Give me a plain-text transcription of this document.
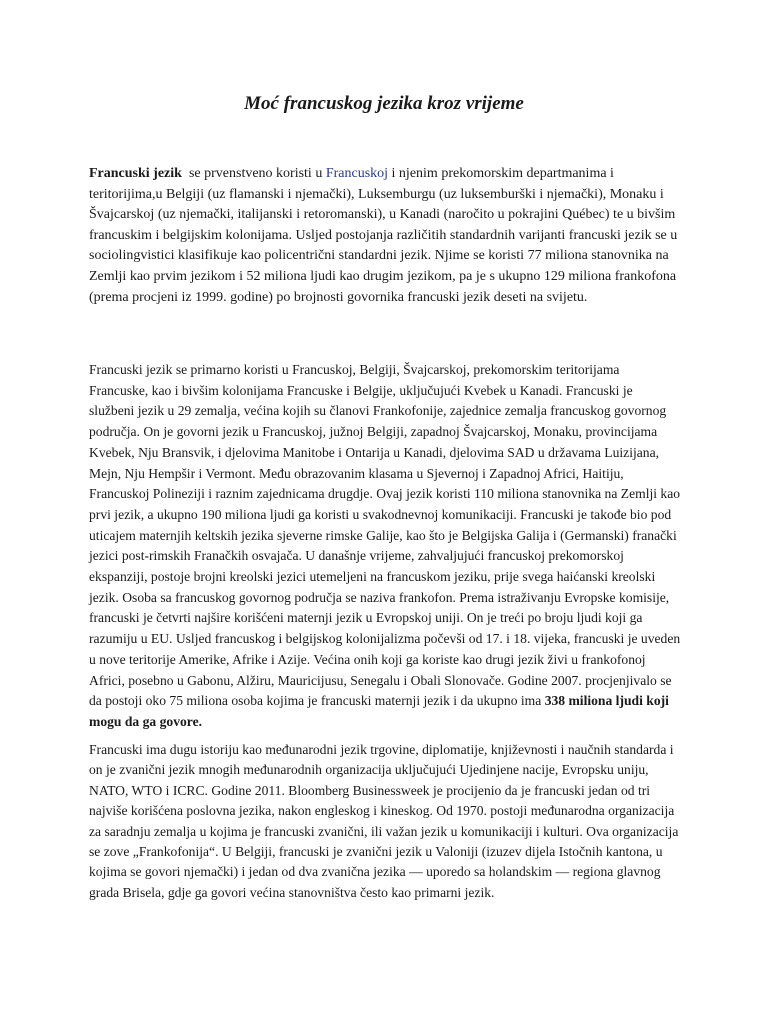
Moć francuskog jezika kroz vrijeme

Francuski jezik  se prvenstveno koristi u Francuskoj i njenim prekomorskim departmanima i teritorijima,u Belgiji (uz flamanski i njemački), Luksemburgu (uz luksemburški i njemački), Monaku i Švajcarskoj (uz njemački, italijanski i retoromanski), u Kanadi (naročito u pokrajini Québec) te u bivšim francuskim i belgijskim kolonijama. Usljed postojanja različitih standardnih varijanti francuski jezik se u sociolingvistici klasifikuje kao policentrični standardni jezik. Njime se koristi 77 miliona stanovnika na Zemlji kao prvim jezikom i 52 miliona ljudi kao drugim jezikom, pa je s ukupno 129 miliona frankofona (prema procjeni iz 1999. godine) po brojnosti govornika francuski jezik deseti na svijetu.

Francuski jezik se primarno koristi u Francuskoj, Belgiji, Švajcarskoj, prekomorskim teritorijama Francuske, kao i bivšim kolonijama Francuske i Belgije, uključujući Kvebek u Kanadi. Francuski je službeni jezik u 29 zemalja, većina kojih su članovi Frankofonije, zajednice zemalja francuskog govornog područja. On je govorni jezik u Francuskoj, južnoj Belgiji, zapadnoj Švajcarskoj, Monaku, provincijama Kvebek, Nju Bransvik, i djelovima Manitobe i Ontarija u Kanadi, djelovima SAD u državama Luizijana, Mejn, Nju Hempšir i Vermont. Među obrazovanim klasama u Sjevernoj i Zapadnoj Africi, Haitiju, Francuskoj Polineziji i raznim zajednicama drugdje. Ovaj jezik koristi 110 miliona stanovnika na Zemlji kao prvi jezik, a ukupno 190 miliona ljudi ga koristi u svakodnevnoj komunikaciji. Francuski je takođe bio pod uticajem maternjih keltskih jezika sjeverne rimske Galije, kao što je Belgijska Galija i (Germanski) franački jezici post-rimskih Franačkih osvajača. U današnje vrijeme, zahvaljujući francuskoj prekomorskoj ekspanziji, postoje brojni kreolski jezici utemeljeni na francuskom jeziku, prije svega haićanski kreolski jezik. Osoba sa francuskog govornog područja se naziva frankofon. Prema istraživanju Evropske komisije, francuski je četvrti najšire korišćeni maternji jezik u Evropskoj uniji. On je treći po broju ljudi koji ga razumiju u EU. Usljed francuskog i belgijskog kolonijalizma počevši od 17. i 18. vijeka, francuski je uveden u nove teritorije Amerike, Afrike i Azije. Većina onih koji ga koriste kao drugi jezik živi u frankofonoj Africi, posebno u Gabonu, Alžiru, Mauricijusu, Senegalu i Obali Slonovače. Godine 2007. procjenjivalo se da postoji oko 75 miliona osoba kojima je francuski maternji jezik i da ukupno ima 338 miliona ljudi koji mogu da ga govore.

Francuski ima dugu istoriju kao međunarodni jezik trgovine, diplomatije, književnosti i naučnih standarda i on je zvanični jezik mnogih međunarodnih organizacija uključujući Ujedinjene nacije, Evropsku uniju, NATO, WTO i ICRC. Godine 2011. Bloomberg Businessweek je procijenio da je francuski jedan od tri najviše korišćena poslovna jezika, nakon engleskog i kineskog. Od 1970. postoji međunarodna organizacija za saradnju zemalja u kojima je francuski zvanični, ili važan jezik u komunikaciji i kulturi. Ova organizacija se zove „Frankofonija“. U Belgiji, francuski je zvanični jezik u Valoniji (izuzev dijela Istočnih kantona, u kojima se govori njemački) i jedan od dva zvanična jezika — uporedo sa holandskim — regiona glavnog grada Brisela, gdje ga govori većina stanovništva često kao primarni jezik.
